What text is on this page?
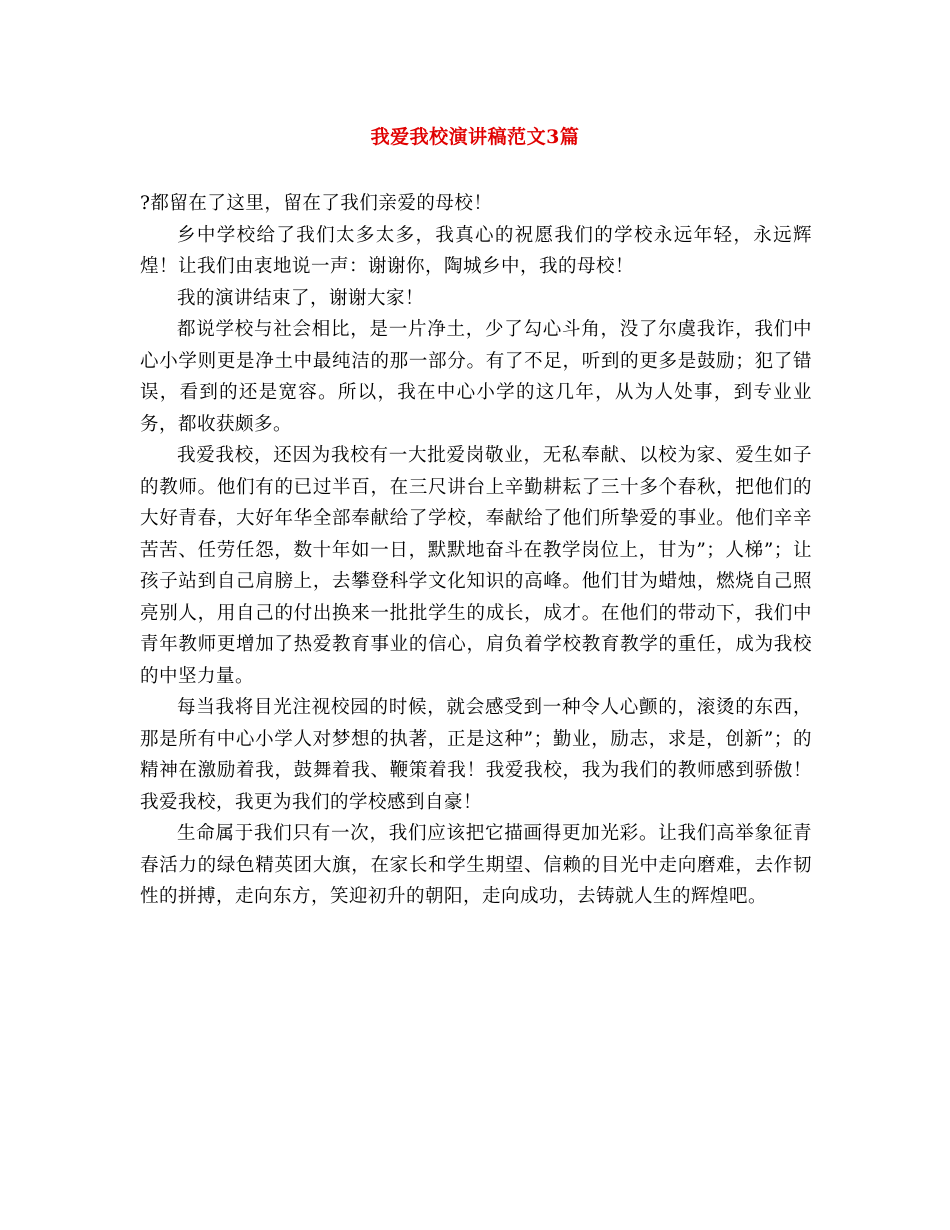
我爱我校演讲稿范文3篇

?都留在了这里，留在了我们亲爱的母校！

乡中学校给了我们太多太多，我真心的祝愿我们的学校永远年轻，永远辉煌！让我们由衷地说一声：谢谢你，陶城乡中，我的母校！

我的演讲结束了，谢谢大家！

都说学校与社会相比，是一片净土，少了勾心斗角，没了尔虞我诈，我们中心小学则更是净土中最纯洁的那一部分。有了不足，听到的更多是鼓励；犯了错误，看到的还是宽容。所以，我在中心小学的这几年，从为人处事，到专业业务，都收获颇多。

我爱我校，还因为我校有一大批爱岗敬业，无私奉献、以校为家、爱生如子的教师。他们有的已过半百，在三尺讲台上辛勤耕耘了三十多个春秋，把他们的大好青春，大好年华全部奉献给了学校，奉献给了他们所挚爱的事业。他们辛辛苦苦、任劳任怨，数十年如一日，默默地奋斗在教学岗位上，甘为”；人梯”；让孩子站到自己肩膀上，去攀登科学文化知识的高峰。他们甘为蜡烛，燃烧自己照亮别人，用自己的付出换来一批批学生的成长，成才。在他们的带动下，我们中青年教师更增加了热爱教育事业的信心，肩负着学校教育教学的重任，成为我校的中坚力量。

每当我将目光注视校园的时候，就会感受到一种令人心颤的，滚烫的东西，那是所有中心小学人对梦想的执著，正是这种”；勤业，励志，求是，创新”；的精神在激励着我，鼓舞着我、鞭策着我！我爱我校，我为我们的教师感到骄傲！我爱我校，我更为我们的学校感到自豪！

生命属于我们只有一次，我们应该把它描画得更加光彩。让我们高举象征青春活力的绿色精英团大旗，在家长和学生期望、信赖的目光中走向磨难，去作韧性的拼搏，走向东方，笑迎初升的朝阳，走向成功，去铸就人生的辉煌吧。
